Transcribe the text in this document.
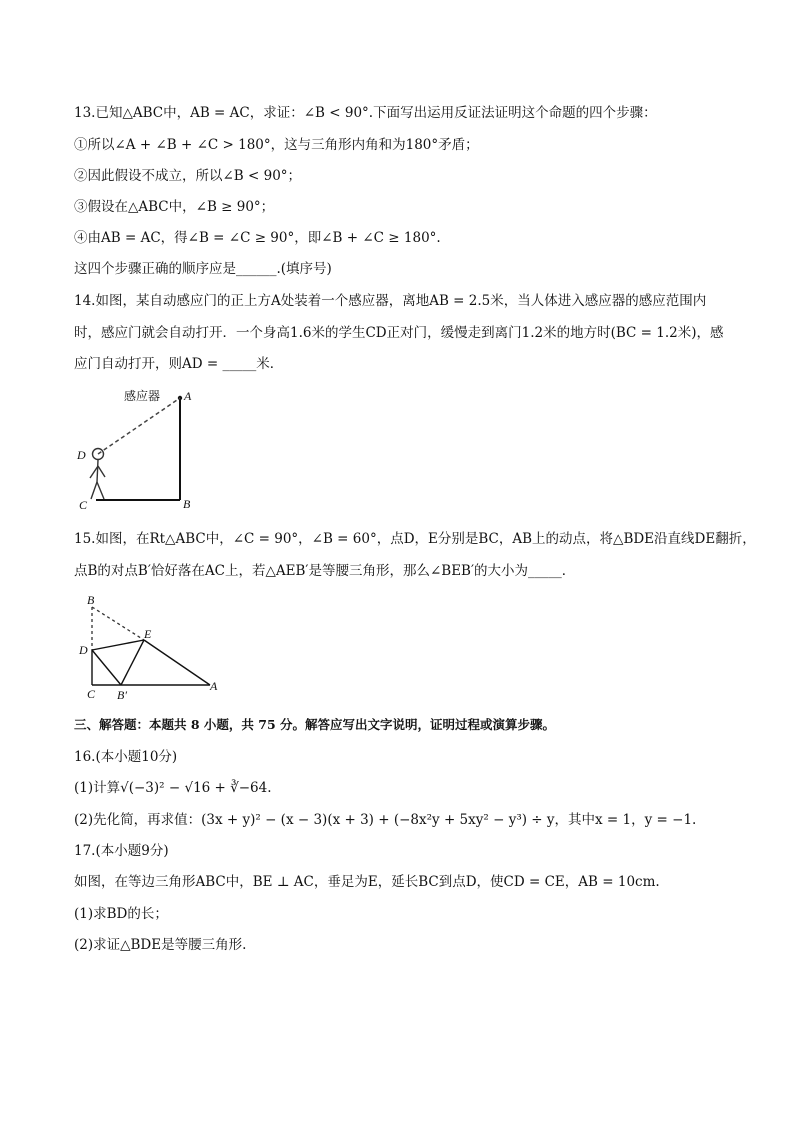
13.已知△ABC中，AB = AC，求证：∠B < 90°.下面写出运用反证法证明这个命题的四个步骤：
①所以∠A + ∠B + ∠C > 180°，这与三角形内角和为180°矛盾；
②因此假设不成立，所以∠B < 90°；
③假设在△ABC中，∠B ≥ 90°；
④由AB = AC，得∠B = ∠C ≥ 90°，即∠B + ∠C ≥ 180°.
这四个步骤正确的顺序应是______.(填序号)
14.如图，某自动感应门的正上方A处装着一个感应器，离地AB = 2.5米，当人体进入感应器的感应范围内
时，感应门就会自动打开．一个身高1.6米的学生CD正对门，缓慢走到离门1.2米的地方时(BC = 1.2米)，感
应门自动打开，则AD = _____米．
感应器 A
D
C	B
15.如图，在Rt△ABC中，∠C = 90°，∠B = 60°，点D，E分别是BC，AB上的动点，将△BDE沿直线DE翻折，
点B的对点B′恰好落在AC上，若△AEB′是等腰三角形，那么∠BEB′的大小为_____．
B
E
D
C B′
A
三、解答题：本题共 8 小题，共 75 分。解答应写出文字说明，证明过程或演算步骤。
16.(本小题10分)
(1)计算√(−3)² − √16 + ∛−64.
(2)先化简，再求值：(3x + y)² − (x − 3)(x + 3) + (−8x²y + 5xy² − y³) ÷ y，其中x = 1，y = −1.
17.(本小题9分)
如图，在等边三角形ABC中，BE ⊥ AC，垂足为E，延长BC到点D，使CD = CE，AB = 10cm.
(1)求BD的长；
(2)求证△BDE是等腰三角形.
